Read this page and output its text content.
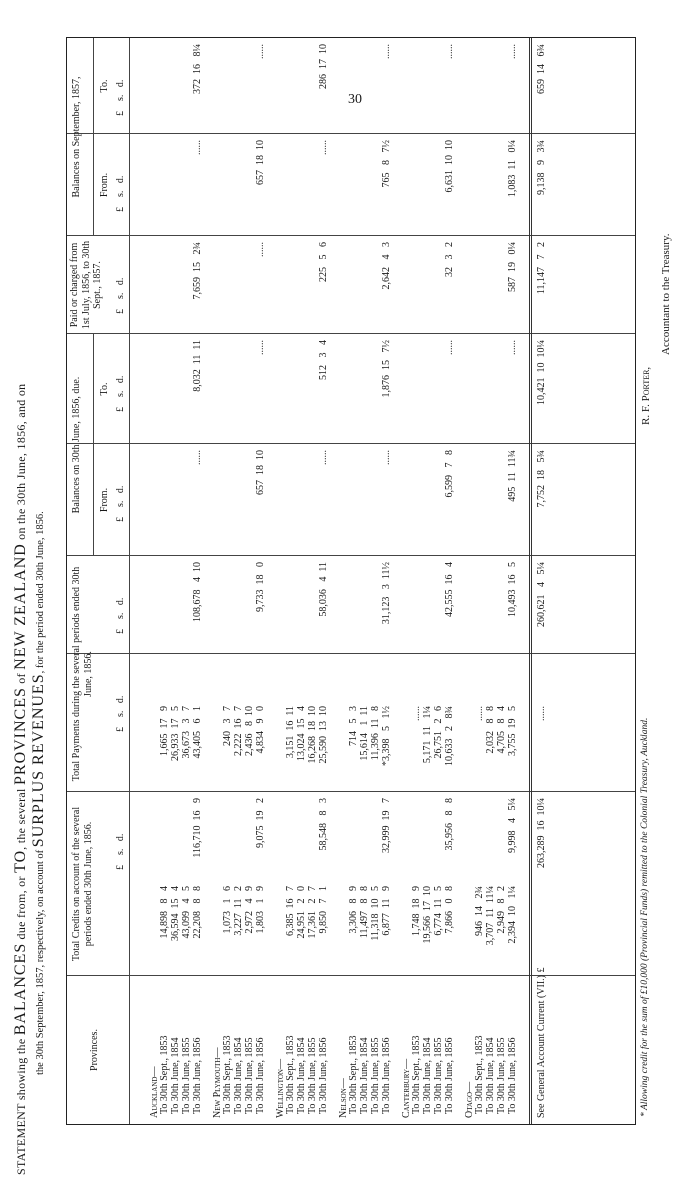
30
STATEMENT showing the BALANCES due from, or TO, the several PROVINCES of NEW ZEALAND on the 30th June, 1856, and on
the 30th September, 1857, respectively, on account of SURPLUS REVENUES, for the period ended 30th June, 1856.
Provinces.
Total Credits on account of the several periods ended 30th June, 1856.
Total Payments during the several periods ended 30th June, 1856.
Balances on 30th June, 1856, due. From.
To.
Paid or charged from 1st July, 1856, to 30th Sept., 1857.
Balances on September, 1857, From.
To.
£    s.   d.
£    s.   d.
£    s.   d.
£    s.   d.
£    s.   d.
£    s.   d.
£    s.   d.
£    s.   d.
Auckland— To 30th Sept., 1853
14,898   8   4
1,665  17   9
To 30th June, 1854
36,594  15   4
26,933  17   5
To 30th June, 1855
43,099   4   5
36,673   3   7
To 30th June, 1856
22,208   8   8
43,405   6   1
116,710  16   9
108,678   4  10
......
8,032  11  11
7,659  15   2¾
......
372  16   8¼
New Plymouth— To 30th Sept., 1853
1,073   1   6
240   3   7
To 30th June, 1854
3,227  11   2
2,222  16   7
To 30th June, 1855
2,972   4   9
2,436   8  10
To 30th June, 1856
1,803   1   9
4,834   9   0
9,075  19   2
9,733  18   0
657  18  10
......
......
657  18  10
......
Wellington— To 30th Sept., 1853
6,385  16   7
3,151  16  11
To 30th June, 1854
24,951   2   0
13,024  15   4
To 30th June, 1855
17,361   2   7
16,268  18  10
To 30th June, 1856
9,850   7   1
25,590  13  10
58,548   8   3
58,036   4  11
......
512   3   4
225   5   6
......
286  17  10
Nelson— To 30th Sept., 1853
3,306   8   9
714   5   3
To 30th June, 1854
11,497   8   8
15,614   1  11
To 30th June, 1855
11,318  10   5
11,396  11   8
To 30th June, 1856
6,877  11   9
*3,398   5   1½
32,999  19   7
31,123   3  11½
......
1,876  15   7½
2,642   4   3
765   8   7½
......
Canterbury— To 30th Sept., 1853
1,748  18   9
......
To 30th June, 1854
19,566  17  10
5,171  11   1¼
To 30th June, 1855
6,774  11   5
26,751   2   6
To 30th June, 1856
7,866   0   8
10,633   2   8¾
35,956   8   8
42,555  16   4
6,599   7   8
......
32   3   2
6,631  10  10
......
Otago— To 30th Sept., 1853
946  14   2¾
......
To 30th June, 1854
3,707  11  11¼
2,032   8   8
To 30th June, 1855
2,949   8   2
4,705   8   4
To 30th June, 1856
2,394  10   1¼
3,755  19   5
9,998   4   5¼
10,493  16   5
495  11  11¾
......
587  19   0¼
1,083  11   0¼
......
See General Account Current (VII.) £
263,289  16  10¼
......
260,621   4   5¼
7,752  18   5¾
10,421  10  10¼
11,147   7   2
9,138   9   3¾
659  14   6¾
* Allowing credit for the sum of £10,000 (Provincial Funds) remitted to the Colonial Treasury, Auckland.
R. F. Porter,
Accountant to the Treasury.
